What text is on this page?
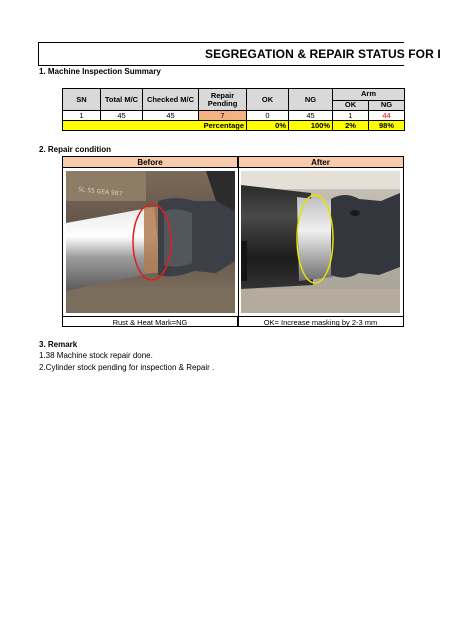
SEGREGATION & REPAIR STATUS FOR I
1. Machine Inspection Summary
SN	Total M/C	Checked M/C	Repair Pending	OK	NG	Arm	
						OK	NG
1	45	45	7	0	45	1	44
Percentage				0%	100%	2%	98%
2. Repair condition
Before	After
SL 55 GEA 987
Rust & Heat Mark=NG	OK= Increase masking by 2-3 mm
3. Remark
1.38 Machine stock repair done.
2.Cylinder stock pending for inspection & Repair .
